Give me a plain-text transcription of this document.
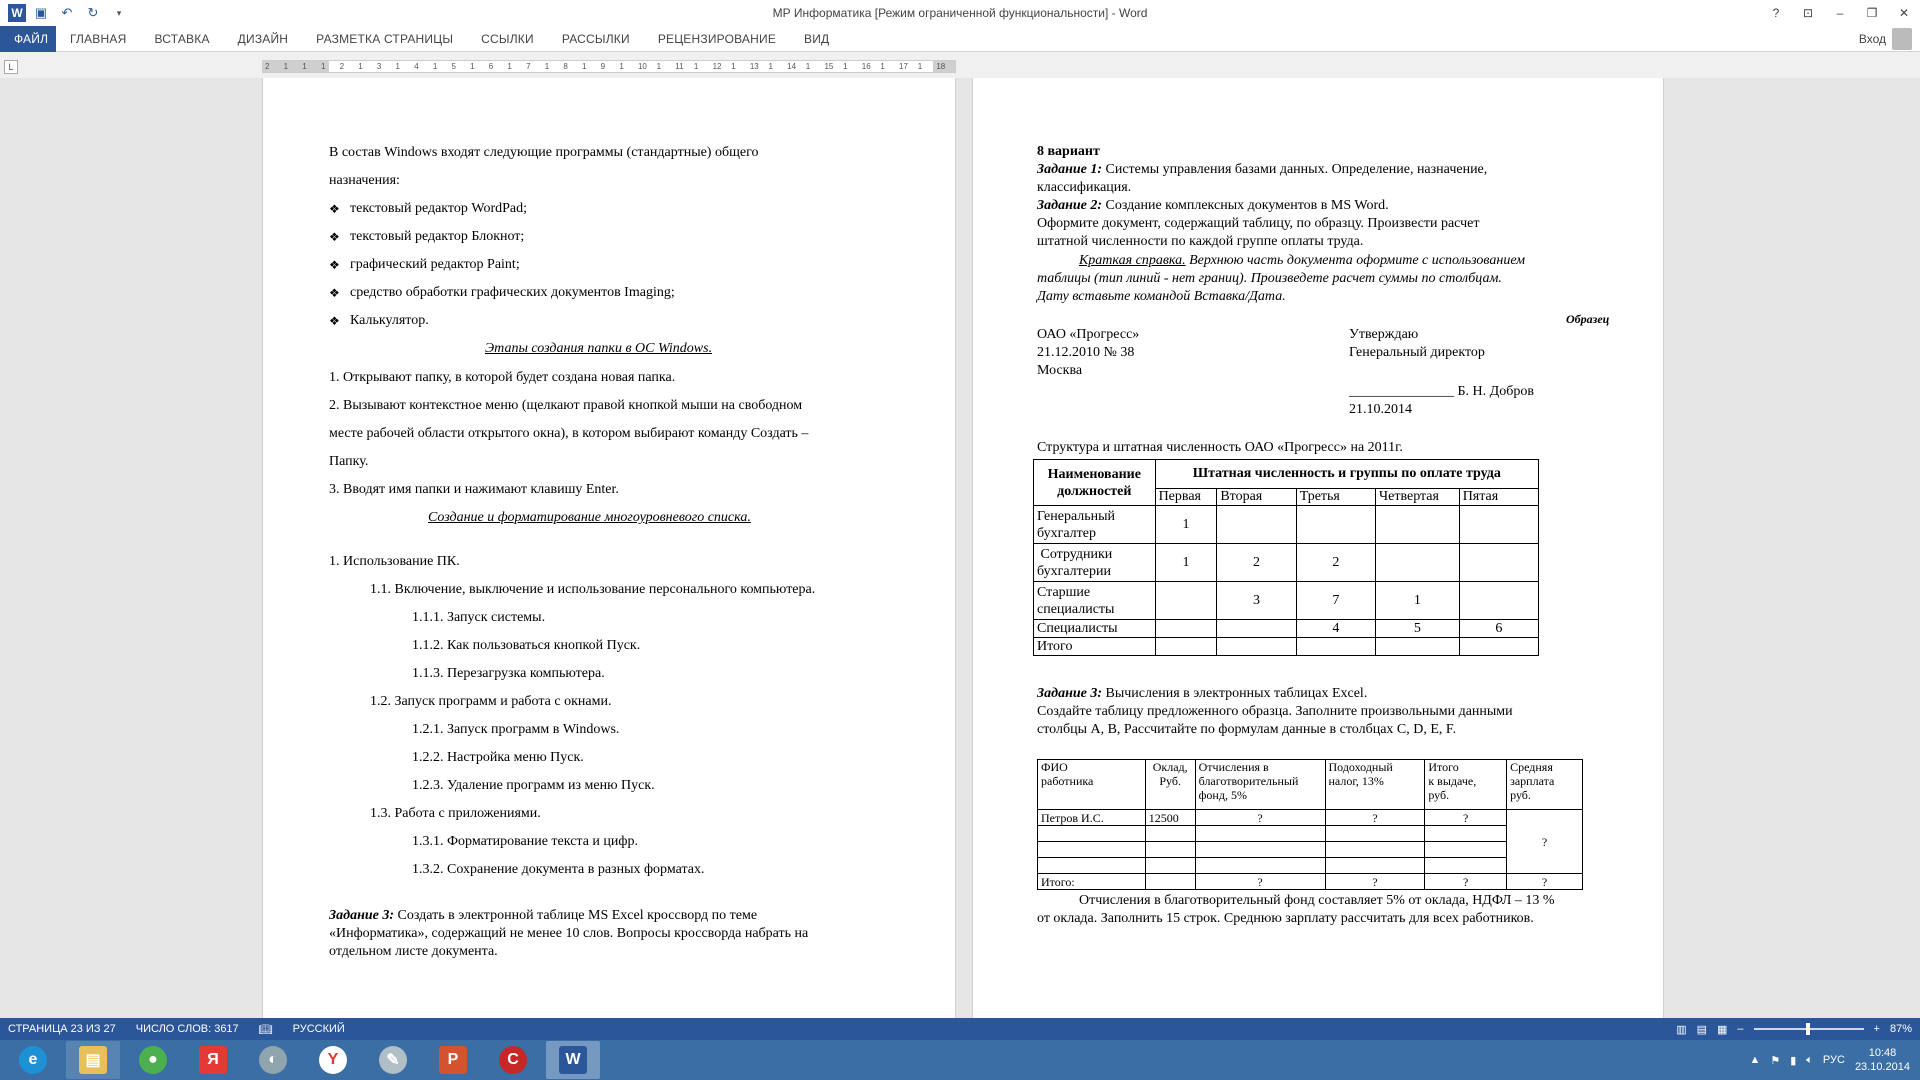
W ▣	↶	↻	▾	МР Информатика [Режим ограниченной функциональности] - Word	?	⊡	–	❐	✕
ФАЙЛ	ГЛАВНАЯ	ВСТАВКА	ДИЗАЙН	РАЗМЕТКА СТРАНИЦЫ	ССЫЛКИ	РАССЫЛКИ	РЕЦЕНЗИРОВАНИЕ	ВИД	Вход
L	2 1 1 1 2 1 3 1 4 1 5 1 6 1 7 1 8 1 9 1 10 1 11 1 12 1 13 1 14 1 15 1 16 1 17 1 18
В состав Windows входят следующие программы (стандартные) общего
назначения:
❖ текстовый редактор WordPad;
❖ текстовый редактор Блокнот;
❖ графический редактор Paint;
❖ средство обработки графических документов Imaging;
❖ Калькулятор.
Этапы создания папки в ОС Windows.
1. Открывают папку, в которой будет создана новая папка.
2. Вызывают контекстное меню (щелкают правой кнопкой мыши на свободном
месте рабочей области открытого окна), в котором выбирают команду Создать –
Папку.
3. Вводят имя папки и нажимают клавишу Enter.
Создание и форматирование многоуровневого списка.
1. Использование ПК.
1.1. Включение, выключение и использование персонального компьютера.
1.1.1. Запуск системы.
1.1.2. Как пользоваться кнопкой Пуск.
1.1.3. Перезагрузка компьютера.
1.2. Запуск программ и работа с окнами.
1.2.1. Запуск программ в Windows.
1.2.2. Настройка меню Пуск.
1.2.3. Удаление программ из меню Пуск.
1.3. Работа с приложениями.
1.3.1. Форматирование текста и цифр.
1.3.2. Сохранение документа в разных форматах.
Задание 3: Создать в электронной таблице MS Excel кроссворд по теме
«Информатика», содержащий не менее 10 слов. Вопросы кроссворда набрать на
отдельном листе документа.
8 вариант
Задание 1: Системы управления базами данных. Определение, назначение,
классификация.
Задание 2: Создание комплексных документов в MS Word.
Оформите документ, содержащий таблицу, по образцу. Произвести расчет
штатной численности по каждой группе оплаты труда.
Краткая справка. Верхнюю часть документа оформите с использованием
таблицы (тип линий - нет границ). Произведете расчет суммы по столбцам.
Дату вставьте командой Вставка/Дата.
Образец
ОАО «Прогресс»
21.12.2010 № 38
Москва
Утверждаю
Генеральный директор
_______________ Б. Н. Добров
21.10.2014
Структура и штатная численность ОАО «Прогресс» на 2011г.
Наименование должностей	Штатная численность и группы по оплате труда				
	Первая	Вторая	Третья	Четвертая	Пятая
Генеральный бухгалтер	1				
Сотрудники бухгалтерии	1	2	2		
Старшие специалисты		3	7	1	
Специалисты			4	5	6
Итого					
Задание 3: Вычисления в электронных таблицах Excel.
Создайте таблицу предложенного образца. Заполните произвольными данными
столбцы А, В, Рассчитайте по формулам данные в столбцах С, D, E, F.
ФИО
работника	Оклад,
Руб.	Отчисления в
благотворительный
фонд, 5%	Подоходный
налог, 13%	Итого
к выдаче,
руб.	Средняя
зарплата
руб.
Петров И.С.	12500	?	?	?	?

Итого:		?	?	?	?
Отчисления в благотворительный фонд составляет 5% от оклада, НДФЛ – 13 %
от оклада. Заполнить 15 строк. Среднюю зарплату рассчитать для всех работников.
СТРАНИЦА 23 ИЗ 27 ЧИСЛО СЛОВ: 3617 📖︎ РУССКИЙ	▥ ▤ ▦ –	+ 87%
e	▤	●	Я	◐	Y	✎	P	C	W	▲ ⚑ ▮ 🔈︎ РУС
10:48
23.10.2014
